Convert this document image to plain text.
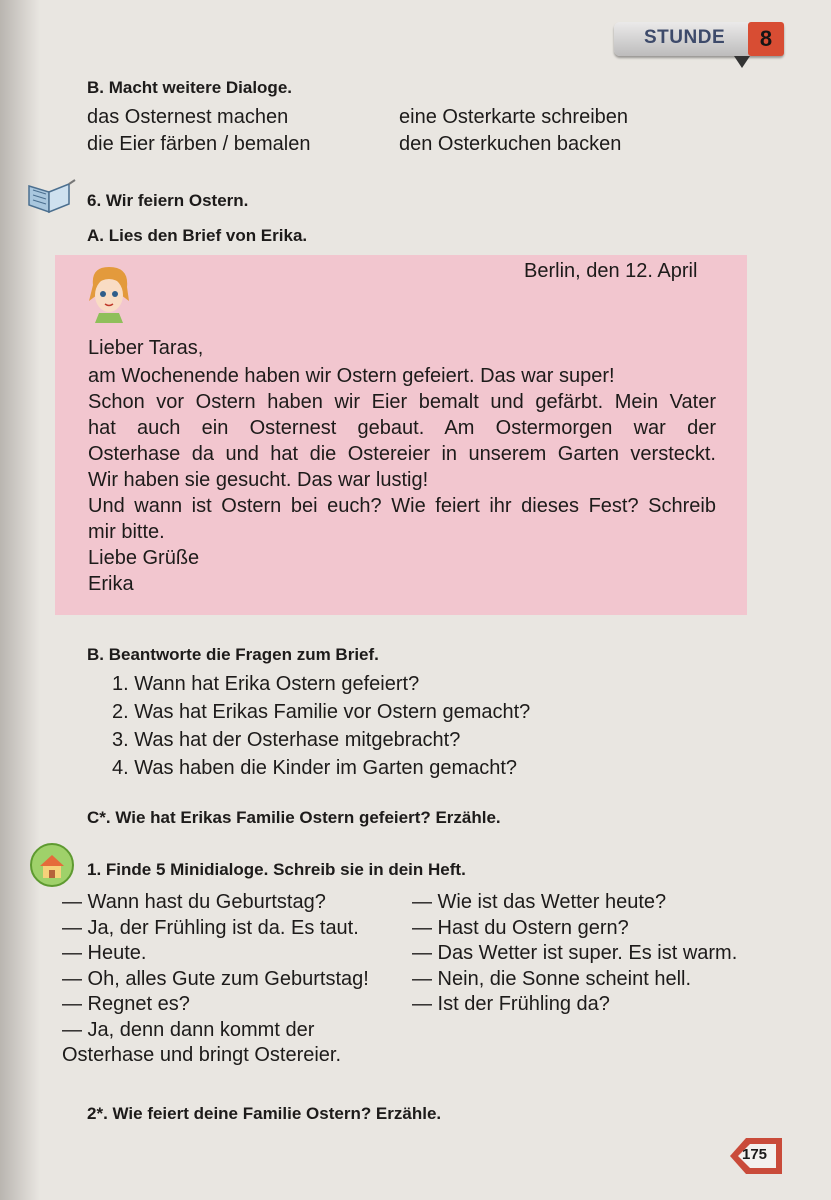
STUNDE	8
B. Macht weitere Dialoge.
das Osternest machen
die Eier färben / bemalen
eine Osterkarte schreiben
den Osterkuchen backen
6. Wir feiern Ostern.
A. Lies den Brief von Erika.
Berlin, den 12. April
Lieber Taras,
am Wochenende haben wir Ostern gefeiert. Das war super!
Schon vor Ostern haben wir Eier bemalt und gefärbt. Mein Vater
hat auch ein Osternest gebaut. Am Ostermorgen war der
Osterhase da und hat die Ostereier in unserem Garten versteckt.
Wir haben sie gesucht. Das war lustig!
Und wann ist Ostern bei euch? Wie feiert ihr dieses Fest? Schreib
mir bitte.
Liebe Grüße
Erika
B. Beantworte die Fragen zum Brief.
1. Wann hat Erika Ostern gefeiert?
2. Was hat Erikas Familie vor Ostern gemacht?
3. Was hat der Osterhase mitgebracht?
4. Was haben die Kinder im Garten gemacht?
C*. Wie hat Erikas Familie Ostern gefeiert? Erzähle.
1. Finde 5 Minidialoge. Schreib sie in dein Heft.
— Wann hast du Geburtstag?
— Ja, der Frühling ist da. Es taut.
— Heute.
— Oh, alles Gute zum Geburtstag!
— Regnet es?
— Ja, denn dann kommt der
Osterhase und bringt Ostereier.
— Wie ist das Wetter heute?
— Hast du Ostern gern?
— Das Wetter ist super. Es ist warm.
— Nein, die Sonne scheint hell.
— Ist der Frühling da?
2*. Wie feiert deine Familie Ostern? Erzähle.
175
